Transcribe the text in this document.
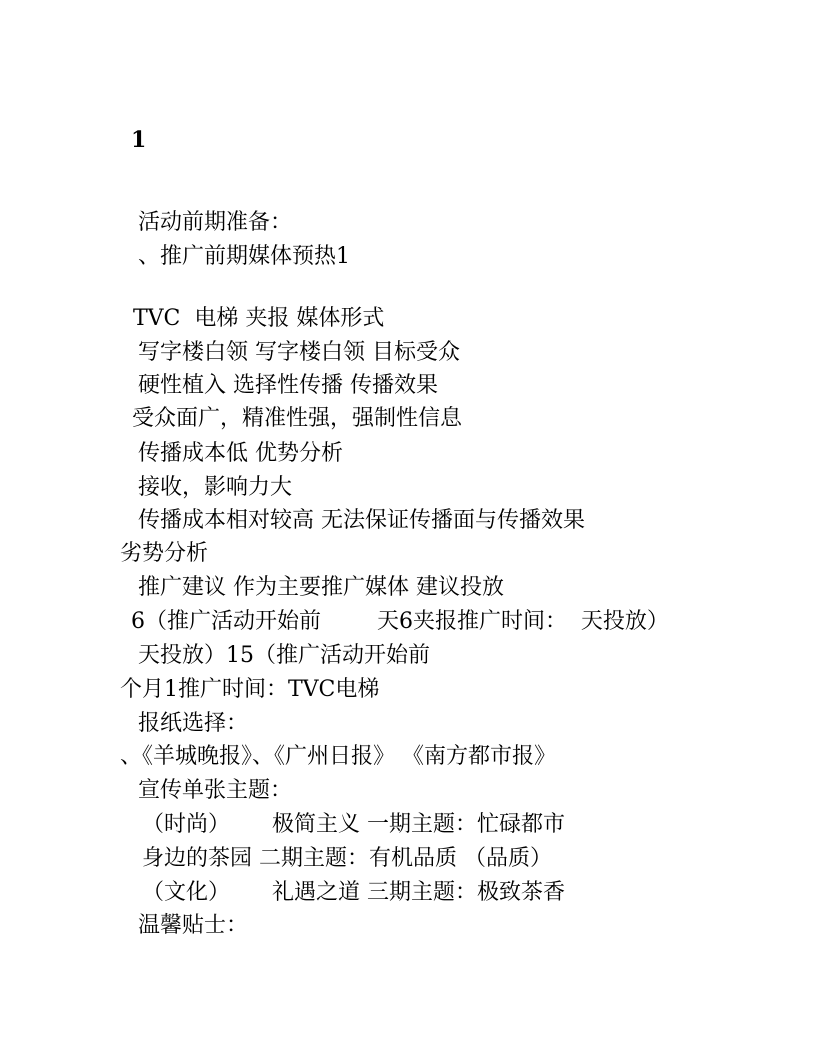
1
活动前期准备：
、推广前期媒体预热1
TVC  电梯 夹报 媒体形式
写字楼白领 写字楼白领 目标受众
硬性植入 选择性传播 传播效果
受众面广，精准性强，强制性信息
传播成本低 优势分析
接收，影响力大
传播成本相对较高 无法保证传播面与传播效果
劣势分析
推广建议 作为主要推广媒体 建议投放
6（推广活动开始前        天6夹报推广时间：  天投放）
天投放）15（推广活动开始前
个月1推广时间：TVC电梯
报纸选择：
、《羊城晚报》、《广州日报》 《南方都市报》
宣传单张主题：
（时尚）      极简主义 一期主题：忙碌都市
身边的茶园 二期主题：有机品质 （品质）
（文化）      礼遇之道 三期主题：极致茶香
温馨贴士：
